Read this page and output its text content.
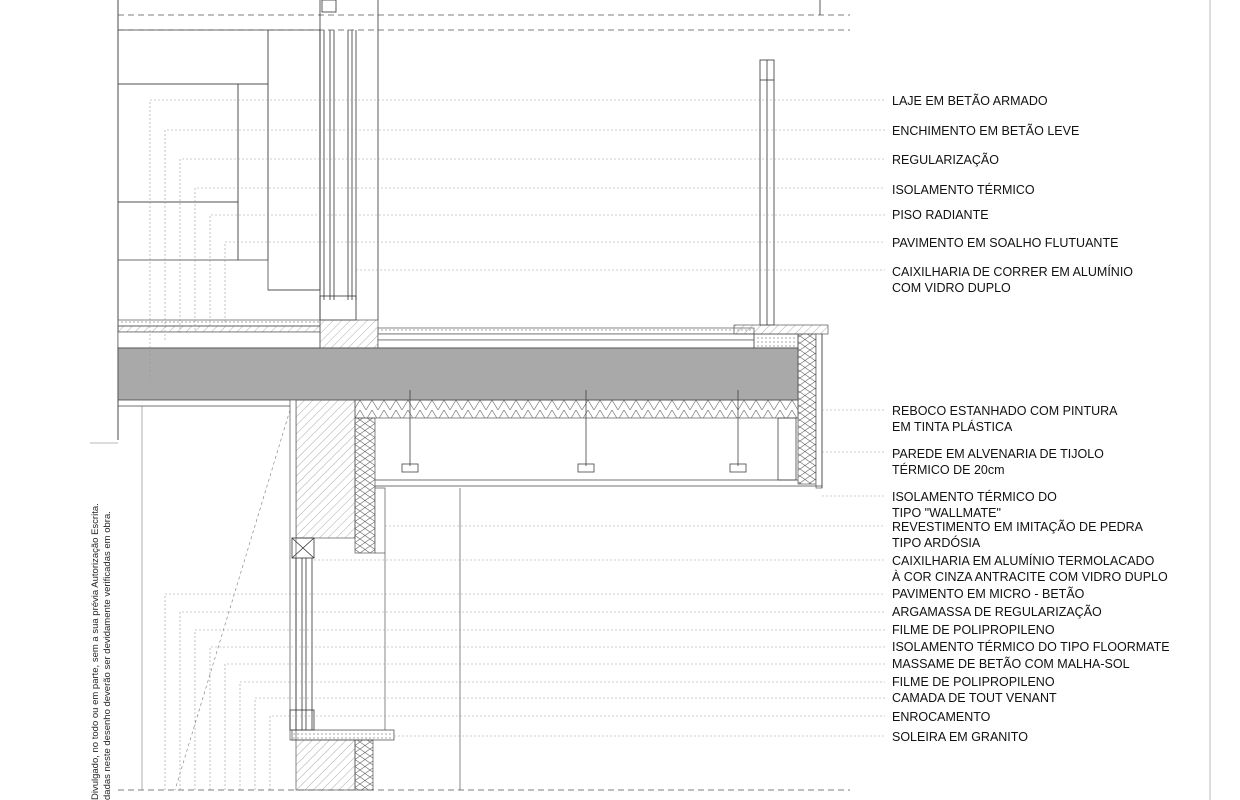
LAJE EM BETÃO ARMADO
ENCHIMENTO EM BETÃO LEVE
REGULARIZAÇÃO
ISOLAMENTO TÉRMICO
PISO RADIANTE
PAVIMENTO EM SOALHO FLUTUANTE
CAIXILHARIA DE CORRER EM ALUMÍNIO
COM VIDRO DUPLO
REBOCO ESTANHADO COM PINTURA
EM TINTA PLÁSTICA
PAREDE EM ALVENARIA DE TIJOLO
TÉRMICO DE 20cm
ISOLAMENTO TÉRMICO DO
TIPO "WALLMATE"
REVESTIMENTO EM IMITAÇÃO DE PEDRA
TIPO ARDÓSIA
CAIXILHARIA EM ALUMÍNIO TERMOLACADO
À COR CINZA ANTRACITE COM VIDRO DUPLO
PAVIMENTO EM MICRO - BETÃO
ARGAMASSA DE REGULARIZAÇÃO
FILME DE POLIPROPILENO
ISOLAMENTO TÉRMICO DO TIPO FLOORMATE
MASSAME DE BETÃO COM MALHA-SOL
FILME DE POLIPROPILENO
CAMADA DE TOUT VENANT
ENROCAMENTO
SOLEIRA EM GRANITO
Divulgado, no todo ou em parte, sem a sua prévia Autorização Escrita. dadas neste desenho deverão ser devidamente verificadas em obra.
